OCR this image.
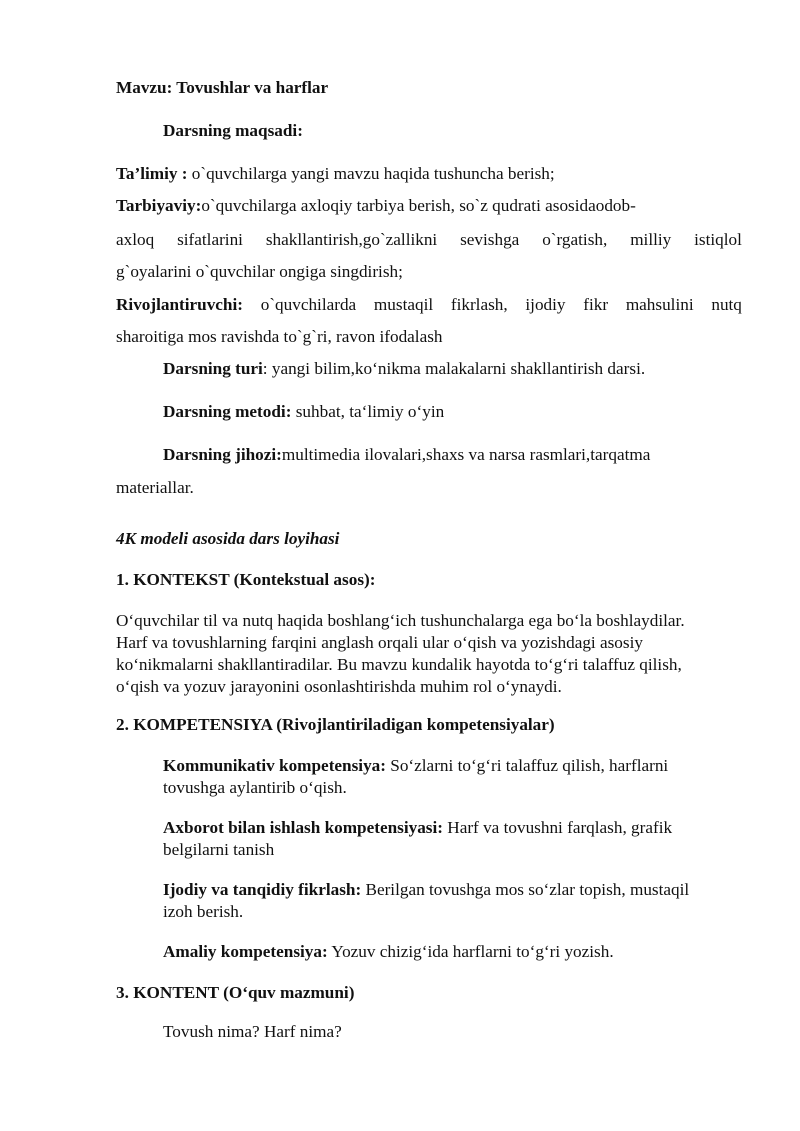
Mavzu: Tovushlar va harflar
Darsning maqsadi:
Ta’limiy : o`quvchilarga yangi mavzu haqida tushuncha berish;
Tarbiyaviy:o`quvchilarga axloqiy tarbiya berish, so`z qudrati asosidaodob-
axloq sifatlarini shakllantirish,go`zallikni sevishga o`rgatish, milliy istiqlol
g`oyalarini o`quvchilar ongiga singdirish;
Rivojlantiruvchi: o`quvchilarda mustaqil fikrlash, ijodiy fikr mahsulini nutq
sharoitiga mos ravishda to`g`ri, ravon ifodalash
Darsning turi: yangi bilim,ko‘nikma malakalarni shakllantirish darsi.
Darsning metodi: suhbat, ta‘limiy o‘yin
Darsning jihozi:multimedia ilovalari,shaxs va narsa rasmlari,tarqatma
materiallar.
4K modeli asosida dars loyihasi
1. KONTEKST (Kontekstual asos):
O‘quvchilar til va nutq haqida boshlang‘ich tushunchalarga ega bo‘la boshlaydilar.
Harf va tovushlarning farqini anglash orqali ular o‘qish va yozishdagi asosiy
ko‘nikmalarni shakllantiradilar. Bu mavzu kundalik hayotda to‘g‘ri talaffuz qilish,
o‘qish va yozuv jarayonini osonlashtirishda muhim rol o‘ynaydi.
2. KOMPETENSIYA (Rivojlantiriladigan kompetensiyalar)
Kommunikativ kompetensiya: So‘zlarni to‘g‘ri talaffuz qilish, harflarni
tovushga aylantirib o‘qish.
Axborot bilan ishlash kompetensiyasi: Harf va tovushni farqlash, grafik
belgilarni tanish
Ijodiy va tanqidiy fikrlash: Berilgan tovushga mos so‘zlar topish, mustaqil
izoh berish.
Amaliy kompetensiya: Yozuv chizig‘ida harflarni to‘g‘ri yozish.
3. KONTENT (O‘quv mazmuni)
Tovush nima? Harf nima?
